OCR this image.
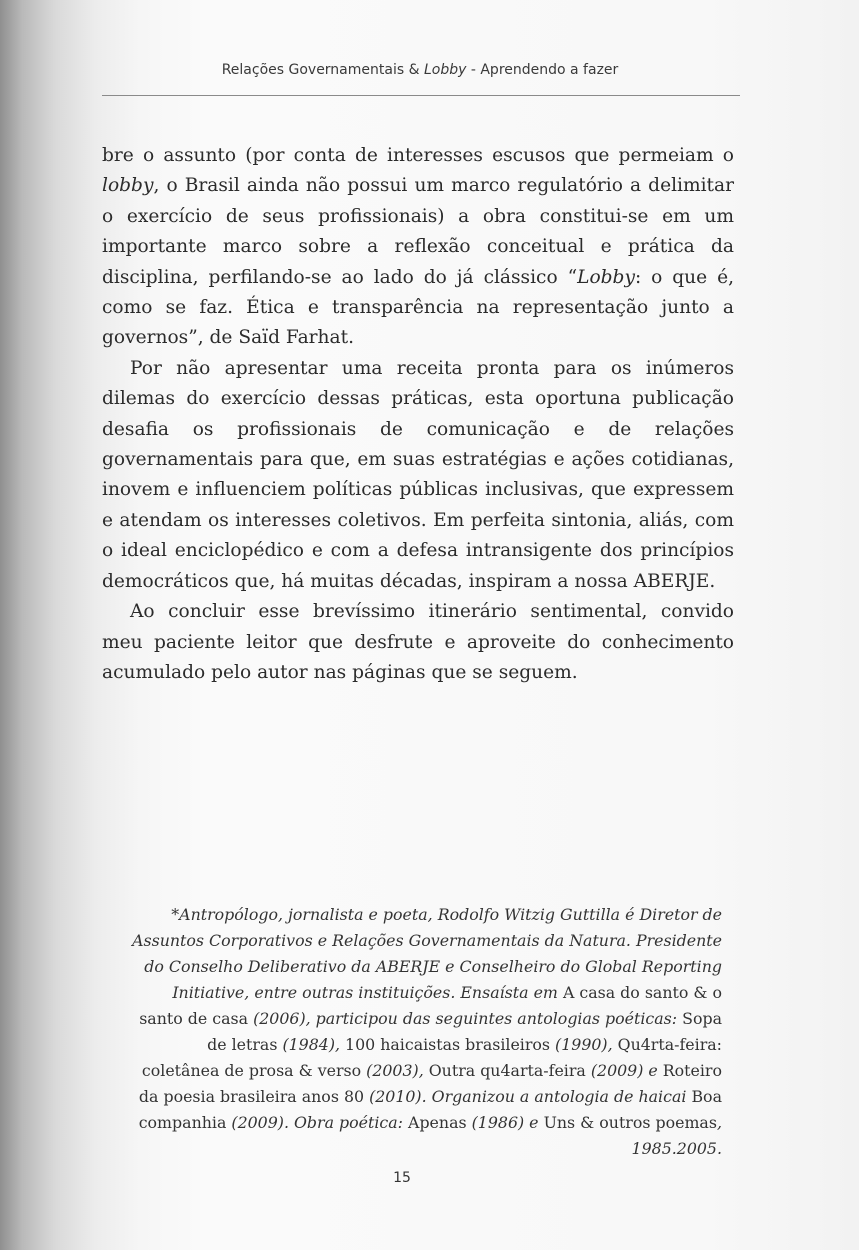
Relações Governamentais & Lobby - Aprendendo a fazer

bre o assunto (por conta de interesses escusos que permeiam o lobby, o Brasil ainda não possui um marco regulatório a delimitar o exercício de seus profissionais) a obra constitui-se em um importante marco sobre a reflexão conceitual e prática da disciplina, perfilando-se ao lado do já clássico “Lobby: o que é, como se faz. Ética e transparência na representação junto a governos”, de Saïd Farhat.

Por não apresentar uma receita pronta para os inúmeros dilemas do exercício dessas práticas, esta oportuna publicação desafia os profissionais de comunicação e de relações governamentais para que, em suas estratégias e ações cotidianas, inovem e influenciem políticas públicas inclusivas, que expressem e atendam os interesses coletivos. Em perfeita sintonia, aliás, com o ideal enciclopédico e com a defesa intransigente dos princípios democráticos que, há muitas décadas, inspiram a nossa ABERJE.

Ao concluir esse brevíssimo itinerário sentimental, convido meu paciente leitor que desfrute e aproveite do conhecimento acumulado pelo autor nas páginas que se seguem.

*Antropólogo, jornalista e poeta, Rodolfo Witzig Guttilla é Diretor de Assuntos Corporativos e Relações Governamentais da Natura. Presidente do Conselho Deliberativo da ABERJE e Conselheiro do Global Reporting Initiative, entre outras instituições. Ensaísta em A casa do santo & o santo de casa (2006), participou das seguintes antologias poéticas: Sopa de letras (1984), 100 haicaistas brasileiros (1990), Qu4rta-feira: coletânea de prosa & verso (2003), Outra qu4arta-feira (2009) e Roteiro da poesia brasileira anos 80 (2010). Organizou a antologia de haicai Boa companhia (2009). Obra poética: Apenas (1986) e Uns & outros poemas, 1985.2005.
15
